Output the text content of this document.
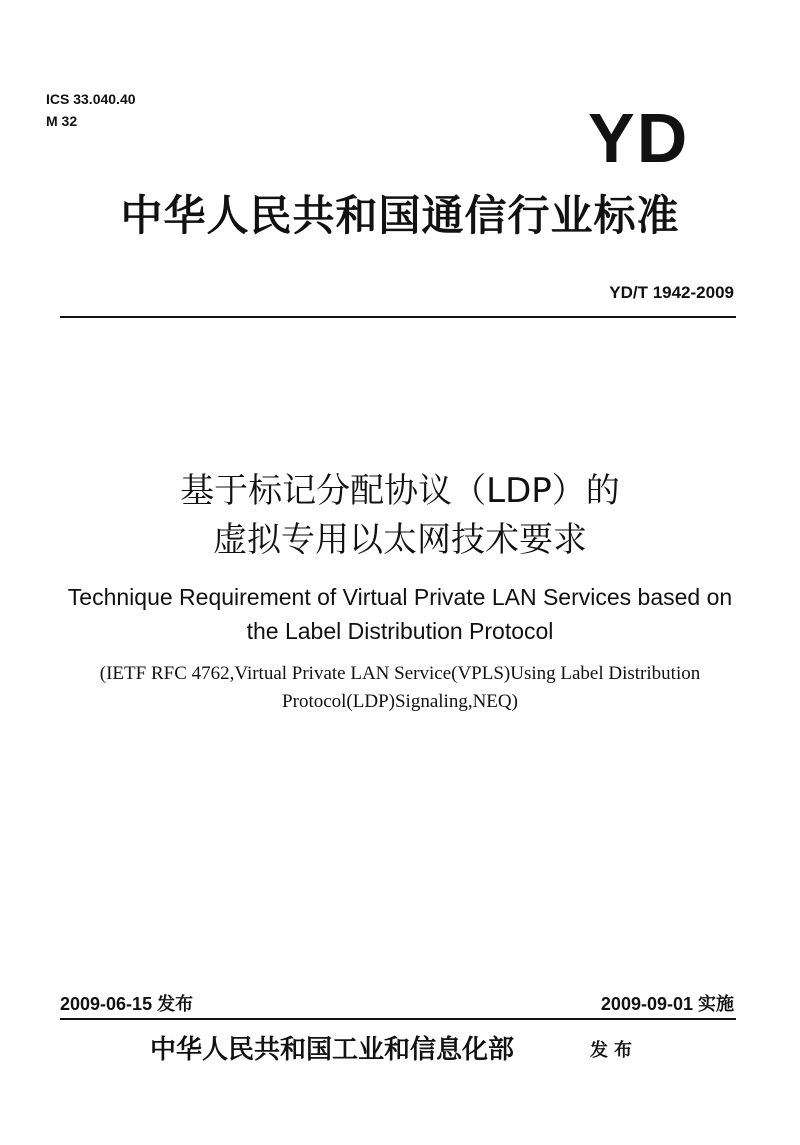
ICS 33.040.40
M 32	YD
中华人民共和国通信行业标准
YD/T 1942-2009
基于标记分配协议（LDP）的
虚拟专用以太网技术要求
Technique Requirement of Virtual Private LAN Services based on
the Label Distribution Protocol
(IETF RFC 4762,Virtual Private LAN Service(VPLS)Using Label Distribution
Protocol(LDP)Signaling,NEQ)
2009-06-15 发布	2009-09-01 实施
中华人民共和国工业和信息化部	发布
